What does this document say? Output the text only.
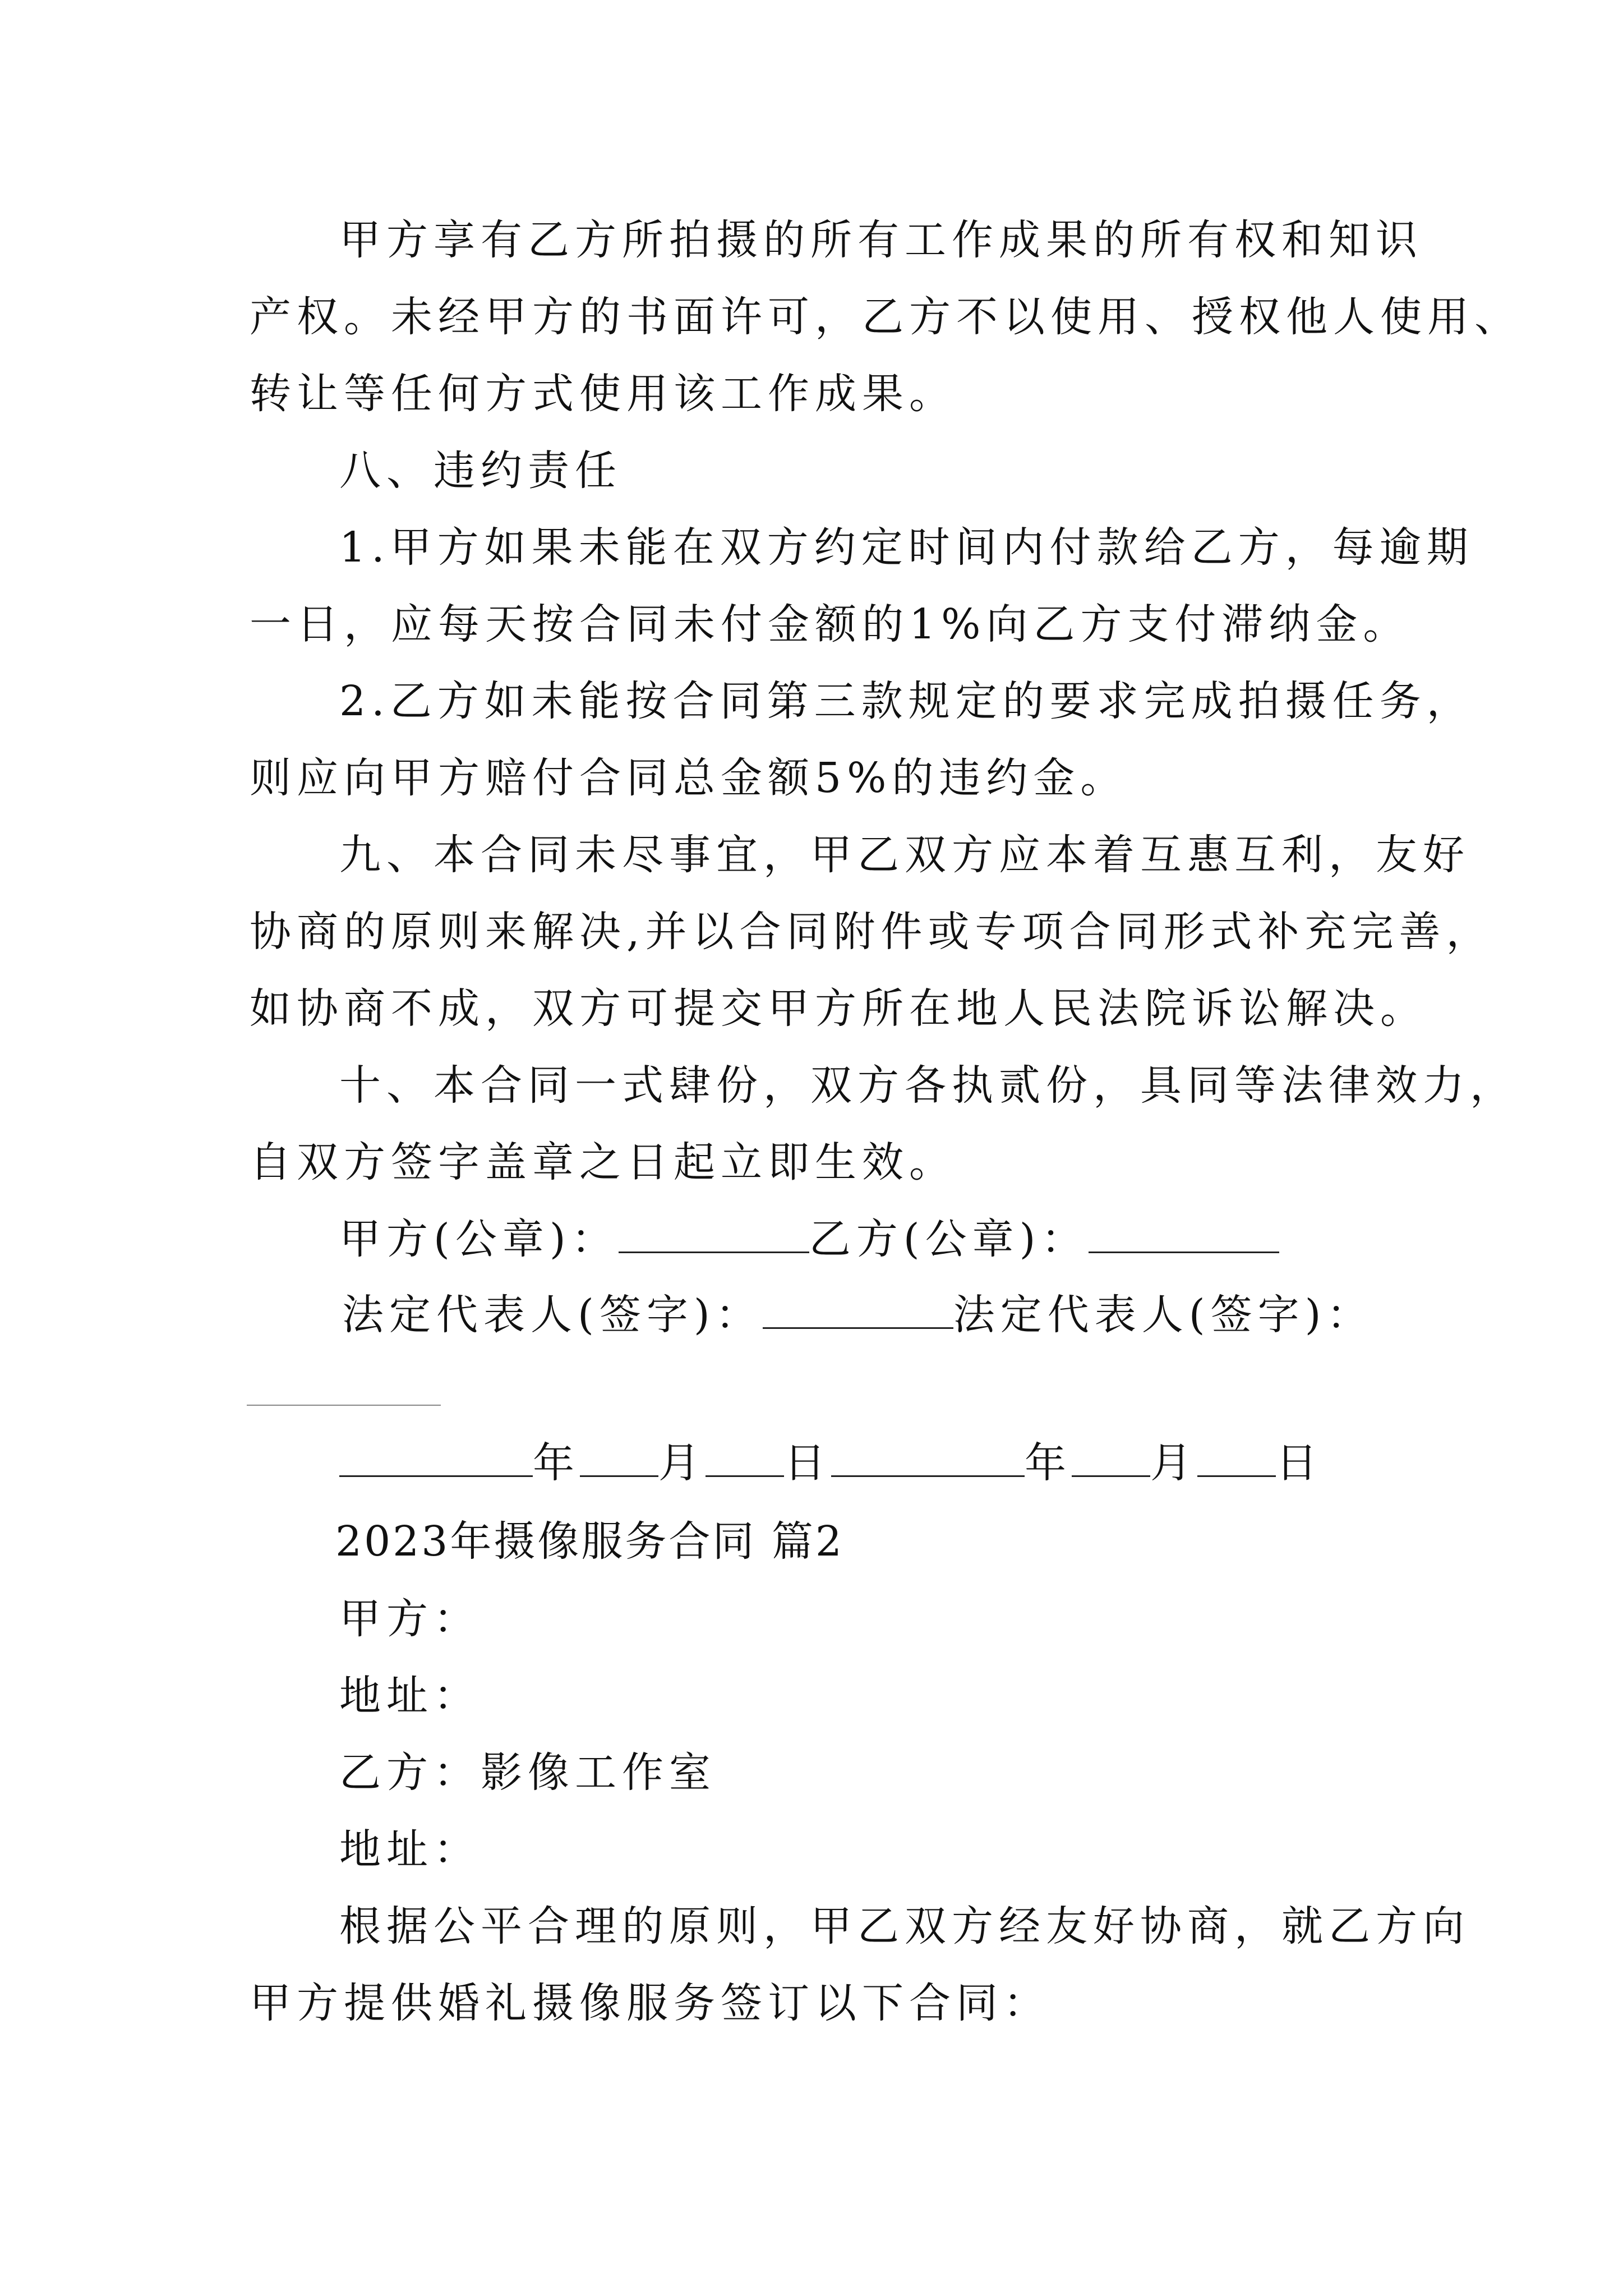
甲方享有乙方所拍摄的所有工作成果的所有权和知识
产权。未经甲方的书面许可，乙方不以使用、授权他人使用、
转让等任何方式使用该工作成果。
八、违约责任
1.甲方如果未能在双方约定时间内付款给乙方，每逾期
一日，应每天按合同未付金额的1%向乙方支付滞纳金。
2.乙方如未能按合同第三款规定的要求完成拍摄任务，
则应向甲方赔付合同总金额5%的违约金。
九、本合同未尽事宜，甲乙双方应本着互惠互利，友好
协商的原则来解决,并以合同附件或专项合同形式补充完善，
如协商不成，双方可提交甲方所在地人民法院诉讼解决。
十、本合同一式肆份，双方各执贰份，具同等法律效力，
自双方签字盖章之日起立即生效。
甲方(公章)：	乙方(公章)：
法定代表人(签字)：	法定代表人(签字)：
年 月 日	年 月 日
2023年摄像服务合同 篇2
甲方：
地址：
乙方：影像工作室
地址：
根据公平合理的原则，甲乙双方经友好协商，就乙方向
甲方提供婚礼摄像服务签订以下合同：
